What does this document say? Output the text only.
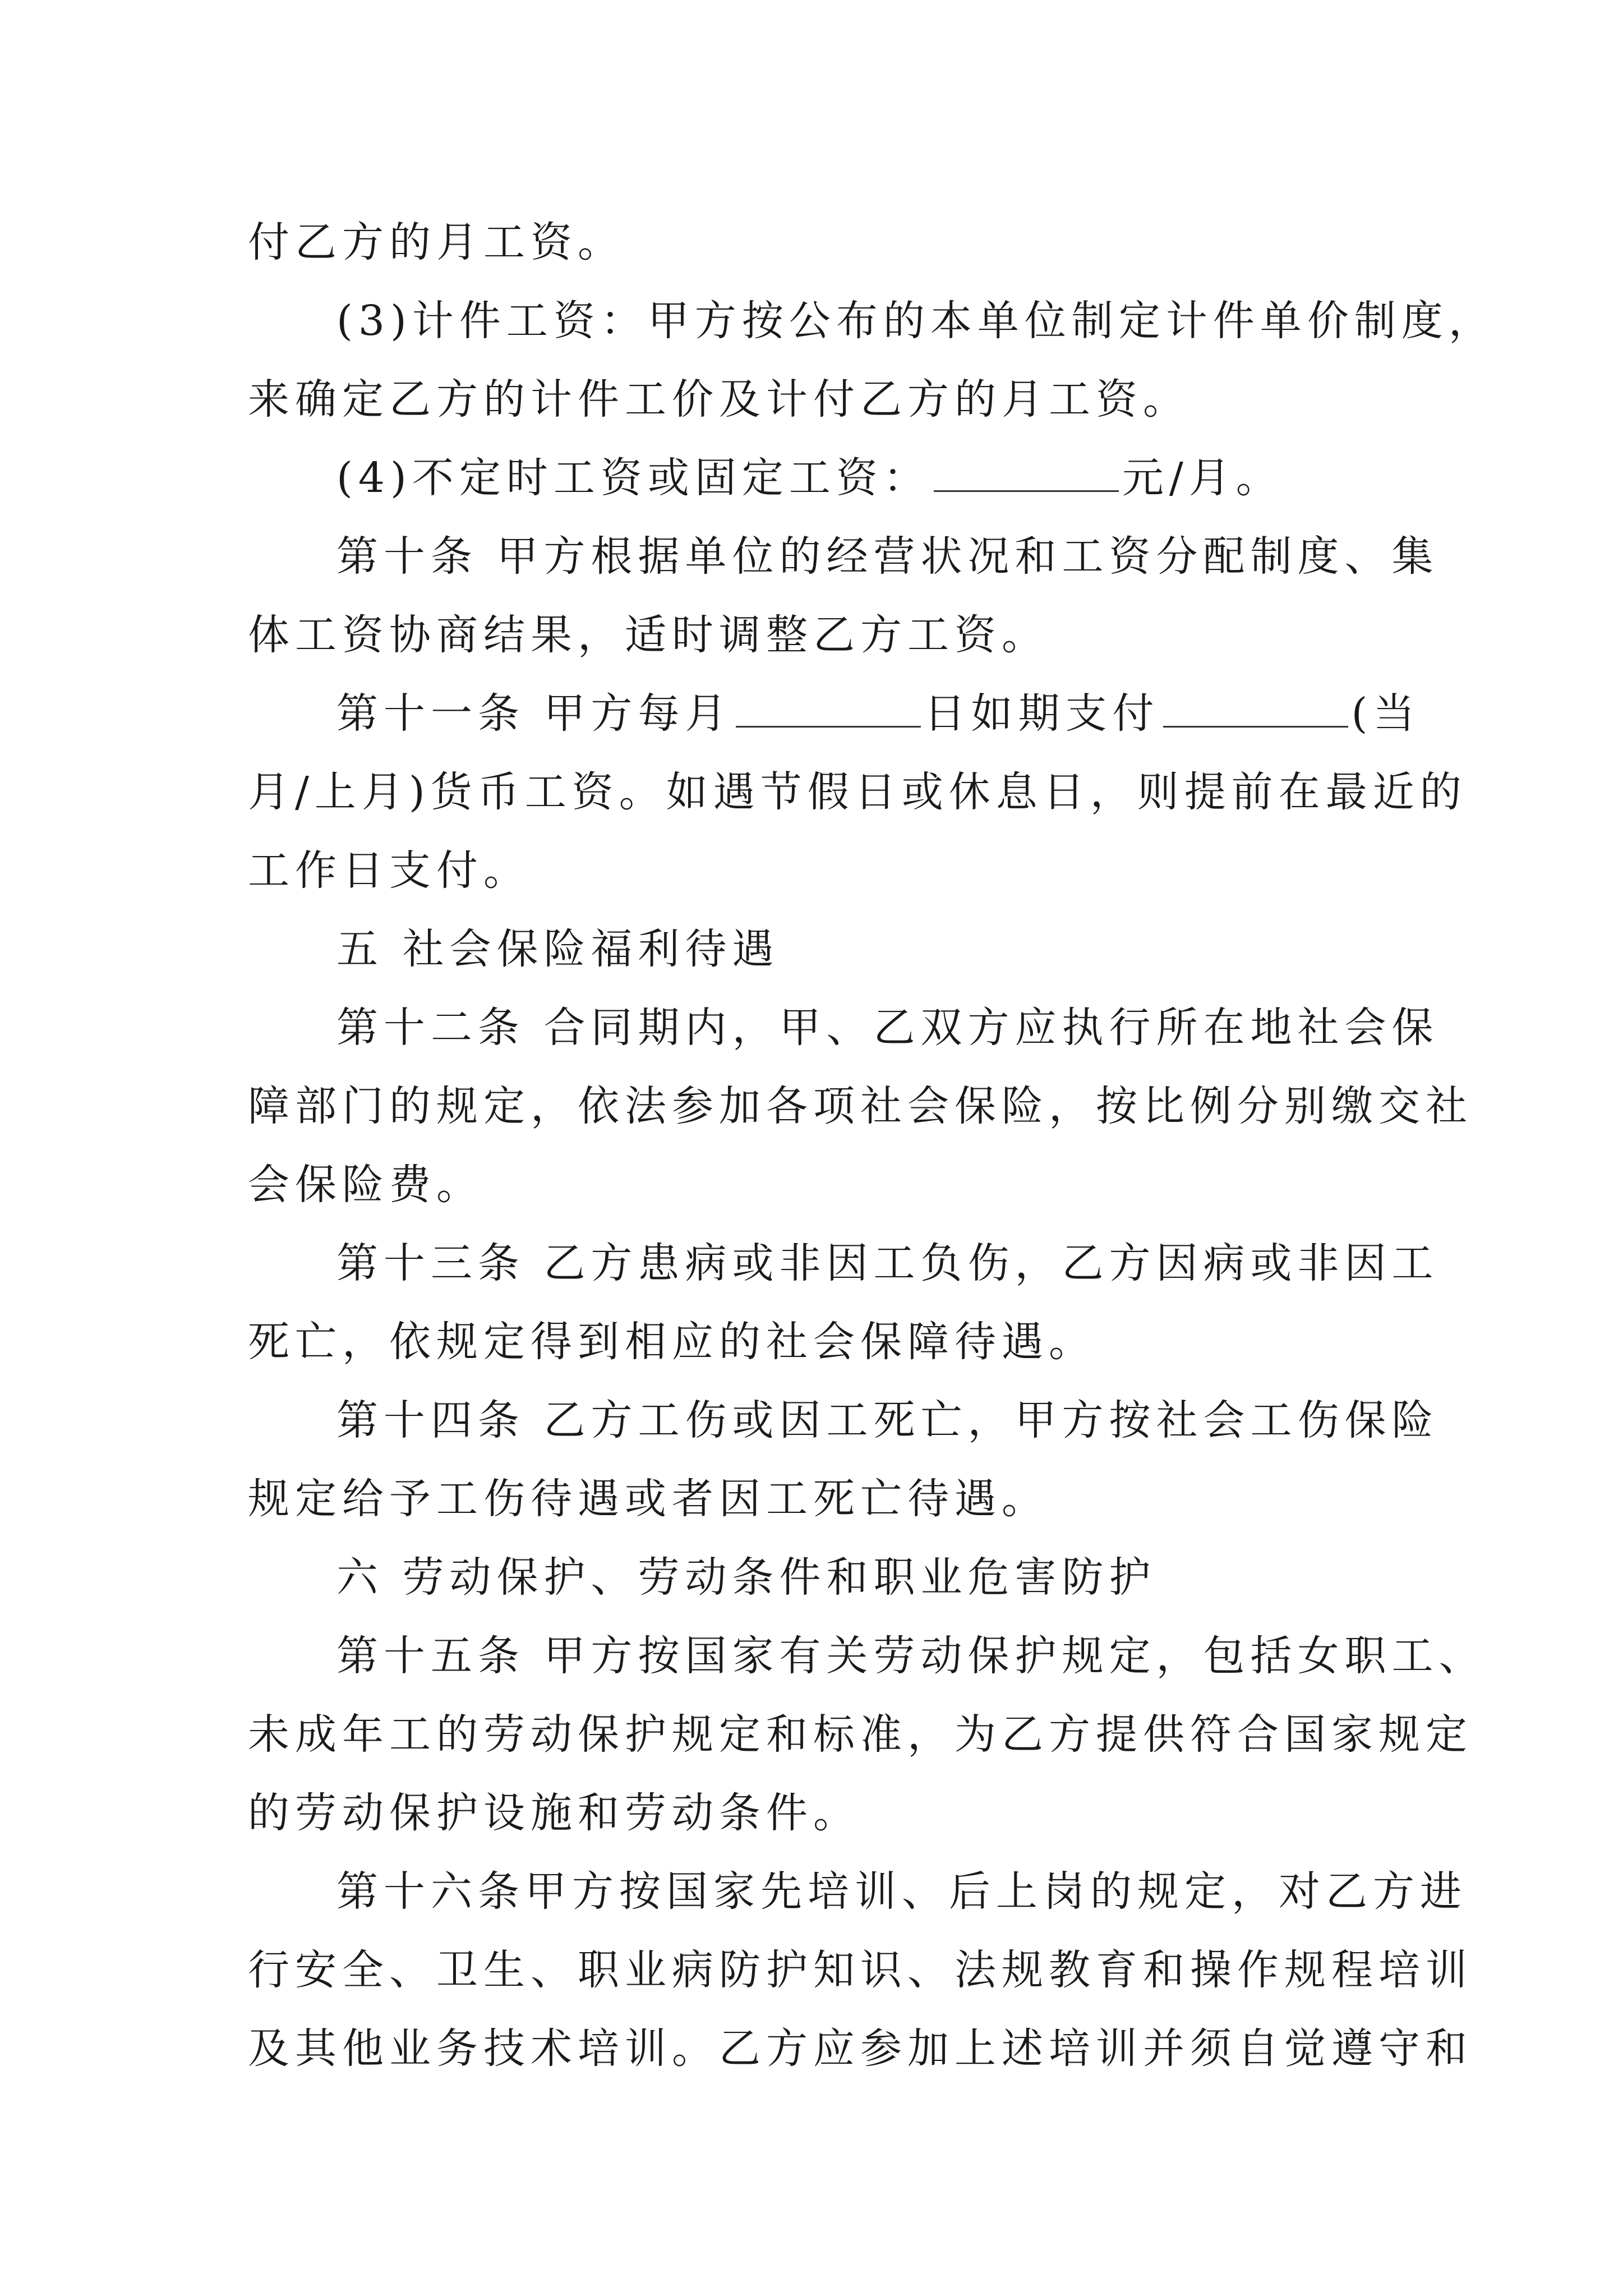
付乙方的月工资。
(3)计件工资：甲方按公布的本单位制定计件单价制度，
来确定乙方的计件工价及计付乙方的月工资。
(4)不定时工资或固定工资：	元/月。
第十条 甲方根据单位的经营状况和工资分配制度、集
体工资协商结果，适时调整乙方工资。
第十一条 甲方每月	日如期支付	(当
月/上月)货币工资。如遇节假日或休息日，则提前在最近的
工作日支付。
五 社会保险福利待遇
第十二条 合同期内，甲、乙双方应执行所在地社会保
障部门的规定，依法参加各项社会保险，按比例分别缴交社
会保险费。
第十三条 乙方患病或非因工负伤，乙方因病或非因工
死亡，依规定得到相应的社会保障待遇。
第十四条 乙方工伤或因工死亡，甲方按社会工伤保险
规定给予工伤待遇或者因工死亡待遇。
六 劳动保护、劳动条件和职业危害防护
第十五条 甲方按国家有关劳动保护规定，包括女职工、
未成年工的劳动保护规定和标准，为乙方提供符合国家规定
的劳动保护设施和劳动条件。
第十六条甲方按国家先培训、后上岗的规定，对乙方进
行安全、卫生、职业病防护知识、法规教育和操作规程培训
及其他业务技术培训。乙方应参加上述培训并须自觉遵守和
